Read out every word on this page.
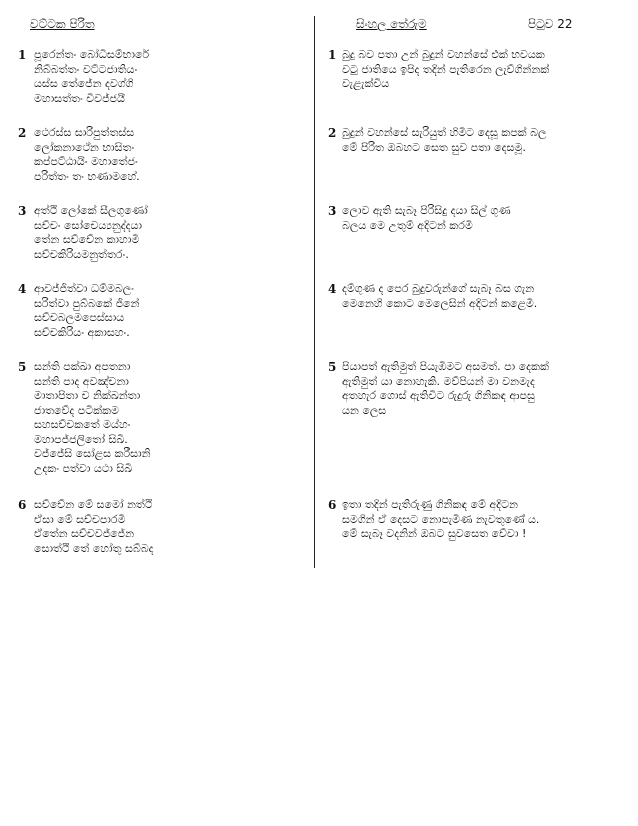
වට්ටක පිරිත
1 පූරෙන්තං බෝධිසම්භාරේ
නිබ්බත්තං වට්ටජාතියං
යස්ස තේජේන දවග්ගි
මහාසත්තං විවජ්ජයී
2 ථෙරස්ස සාරිපුත්තස්ස
ලෝකනාථේන භාසිතං
කප්පට්ඨායිං මහාතේජං
පරිත්තං තං භණාමහේ.
3 අත්ථි ලෝකේ සීලගුණෝ
සච්චං සෝචෙය්‍යනුද්දයා
තේන සච්චේන කාහාමි
සච්චකිරියමනුත්තරං.
4 ආවජ්ජිත්වා ධම්මබලං
සරිත්වා පුබ්බකේ ජිනේ
සච්චබලමපෙස්සාය
සච්චකිරියං අකාසහං.
5 සන්ති පක්ඛා අපතනා
සන්ති පාද අවඤ්චනා
මාතාපිතා ච නික්ඛන්තා
ජාතවේද පටික්කම
සහසච්චකතේ මය්හං
මහාපජ්ජලිතෝ සිඛී.
වජ්ජේසි සෝළස කරීසානි
උදකං පත්වා යථා සිඛී
6 සච්චේන මේ සමෝ නත්ථි
ඒසා මේ සච්චපාරමී
ඒතේන සච්චවජ්ජේන
සොත්ථි තේ හෝතු සබ්බද
සිංහල තේරුම	පිටුව 22
1 බුදු බව පතා උන් බුදුන් වහන්සේ එක් භවයක
වටු ජාතියෙ ඉපිද තදින් පැතිරෙන ලැව්ගින්නක්
වැළැක්විය
2 බුදුන් වහන්සේ සැරියුත් හිමිට දෙසූ කපක් බල
මේ පිරිත ඔබහට සෙත සුව පතා දෙසමූ.
3 ලොව ඇති සැබෑ පිරිසිදු දයා සිල් ගුණ
බලය මෙ උතුම් අදිටන් කරමි
4 දම්ගුණ ද පෙර බුදුවරුන්ගේ සැබෑ බස ගැන
මෙනෙහි කොට මෙලෙසින් අදිටන් කළෙමි.
5 පියාපත් ඇතිමුත් පියැඹීමට අසමත්. පා දෙකක්
ඇතිමුත් යා නොහැකි. මව්පියන් මා වනමැද
අතහැර ගොස් ඇතිවිට රුදුරු ගිනිකඳ ආපසු
යන ලෙස
6 ඉතා තදින් පැතිරුණු ගිනිකඳ මේ අදිටන
සමගින් ඒ දෙසට නොපැමිණ නැවතුණේ ය.
මේ සැබෑ වදනින් ඔබට සුවසෙත වේවා !
